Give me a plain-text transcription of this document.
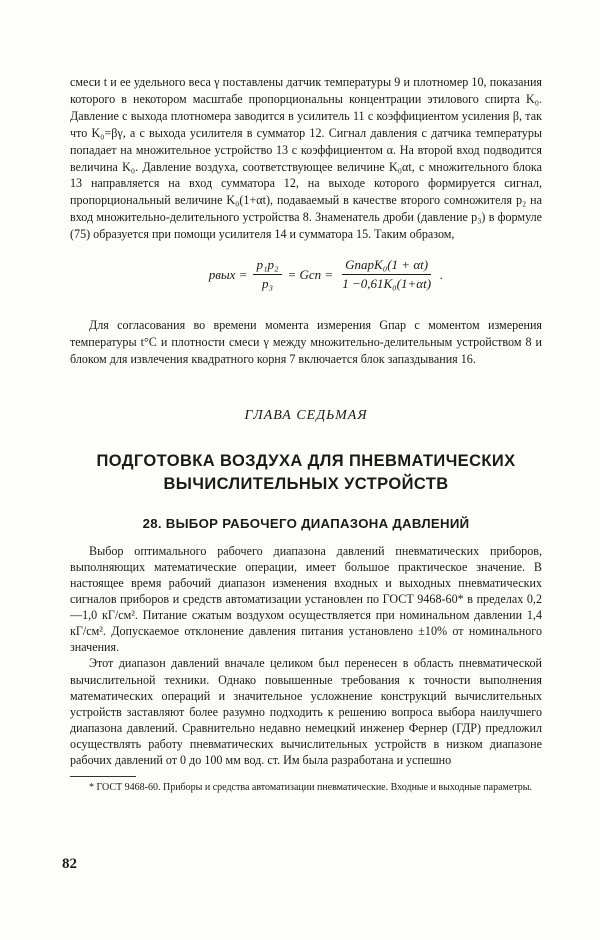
смеси t и ее удельного веса γ поставлены датчик температуры 9 и плотномер 10, показания которого в некотором масштабе пропорциональны концентрации этилового спирта K₀. Давление с выхода плотномера заводится в усилитель 11 с коэффициентом усиления β, так что K₀=βγ, а с выхода усилителя в сумматор 12. Сигнал давления с датчика температуры попадает на множительное устройство 13 с коэффициентом α. На второй вход подводится величина K₀. Давление воздуха, соответствующее величине K₀αt, с множительного блока 13 направляется на вход сумматора 12, на выходе которого формируется сигнал, пропорциональный величине K₀(1+αt), подаваемый в качестве второго сомножителя p₂ на вход множительно-делительного устройства 8. Знаменатель дроби (давление p₃) в формуле (75) образуется при помощи усилителя 14 и сумматора 15. Таким образом,

pвых = $\frac{\text{p₁p₂}}{\text{p₃}}$ = Gсп = $\frac{\text{GпарK₀(1 + αt)}}{\text{1 −0,61K₀(1+αt)}}$ .

Для согласования во времени момента измерения Gпар с моментом измерения температуры t°C и плотности смеси γ между множительно-делительным устройством 8 и блоком для извлечения квадратного корня 7 включается блок запаздывания 16.

ГЛАВА СЕДЬМАЯ
ПОДГОТОВКА ВОЗДУХА ДЛЯ ПНЕВМАТИЧЕСКИХ
ВЫЧИСЛИТЕЛЬНЫХ УСТРОЙСТВ
28. ВЫБОР РАБОЧЕГО ДИАПАЗОНА ДАВЛЕНИЙ

Выбор оптимального рабочего диапазона давлений пневматических приборов, выполняющих математические операции, имеет большое практическое значение. В настоящее время рабочий диапазон изменения входных и выходных пневматических сигналов приборов и средств автоматизации установлен по ГОСТ 9468-60* в пределах 0,2—1,0 кГ/см². Питание сжатым воздухом осуществляется при номинальном давлении 1,4 кГ/см². Допускаемое отклонение давления питания установлено ±10% от номинального значения.

Этот диапазон давлений вначале целиком был перенесен в область пневматической вычислительной техники. Однако повышенные требования к точности выполнения математических операций и значительное усложнение конструкций вычислительных устройств заставляют более разумно подходить к решению вопроса выбора наилучшего диапазона давлений. Сравнительно недавно немецкий инженер Фернер (ГДР) предложил осуществлять работу пневматических вычислительных устройств в низком диапазоне рабочих давлений от 0 до 100 мм вод. ст. Им была разработана и успешно

* ГОСТ 9468-60. Приборы и средства автоматизации пневматические. Входные и выходные параметры.

82
